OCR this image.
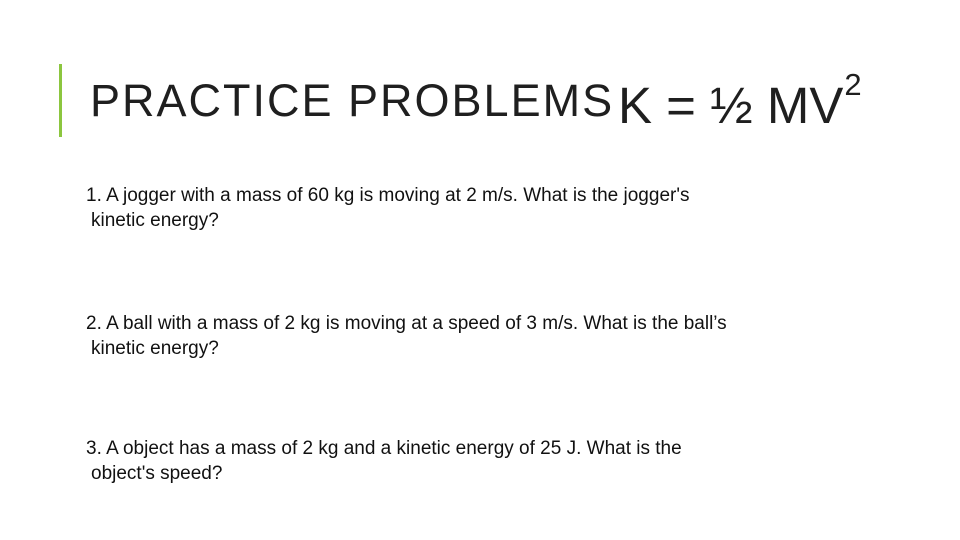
PRACTICE PROBLEMS K = ½ $MV^2$
1. A jogger with a mass of 60 kg is moving at 2 m/s. What is the jogger's
kinetic energy?
2. A ball with a mass of 2 kg is moving at a speed of 3 m/s. What is the ball’s
kinetic energy?
3. A object has a mass of 2 kg and a kinetic energy of 25 J. What is the
object's speed?
